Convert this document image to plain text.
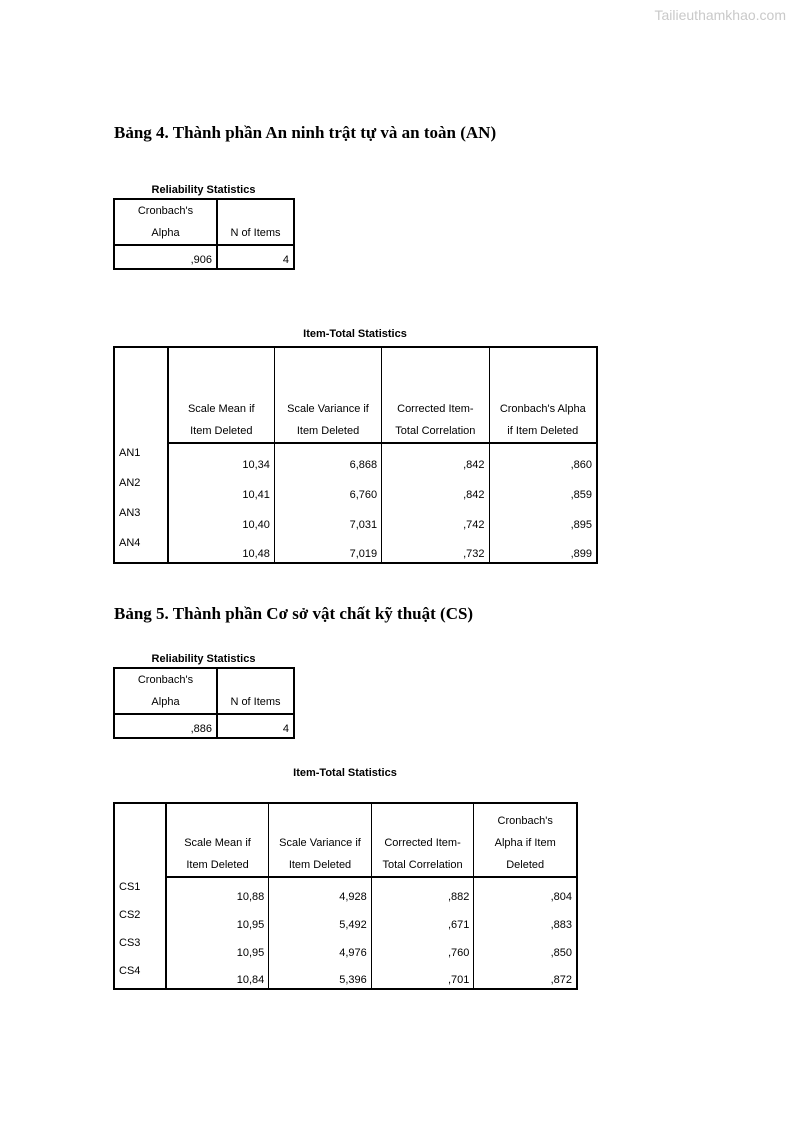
Tailieuthamkhao.com
Bảng 4. Thành phần An ninh trật tự và an toàn (AN)
Reliability Statistics
Cronbach's	
Alpha	N of Items
,906	4
Item-Total Statistics

	Scale Mean if	Scale Variance if	Corrected Item-	Cronbach's Alpha
	Item Deleted	Item Deleted	Total Correlation	if Item Deleted
AN1	10,34	6,868	,842	,860
AN2	10,41	6,760	,842	,859
AN3	10,40	7,031	,742	,895
AN4	10,48	7,019	,732	,899
Bảng 5. Thành phần Cơ sở vật chất kỹ thuật (CS)
Reliability Statistics
Cronbach's	
Alpha	N of Items
,886	4
Item-Total Statistics
				Cronbach's
	Scale Mean if	Scale Variance if	Corrected Item-	Alpha if Item
	Item Deleted	Item Deleted	Total Correlation	Deleted
CS1	10,88	4,928	,882	,804
CS2	10,95	5,492	,671	,883
CS3	10,95	4,976	,760	,850
CS4	10,84	5,396	,701	,872
